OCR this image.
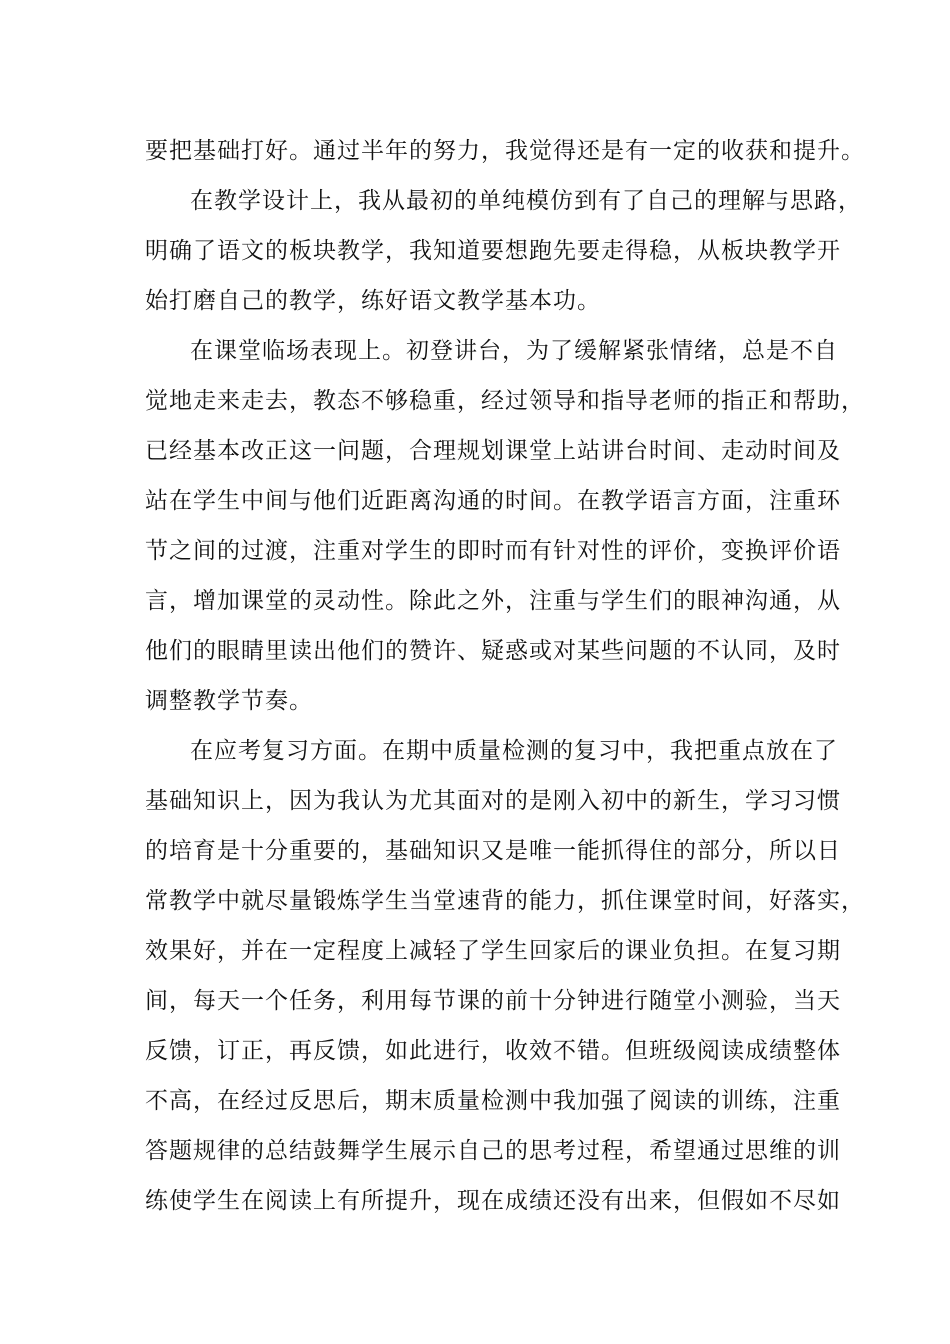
要把基础打好。通过半年的努力，我觉得还是有一定的收获和提升。
在教学设计上，我从最初的单纯模仿到有了自己的理解与思路，
明确了语文的板块教学，我知道要想跑先要走得稳，从板块教学开
始打磨自己的教学，练好语文教学基本功。
在课堂临场表现上。初登讲台，为了缓解紧张情绪，总是不自
觉地走来走去，教态不够稳重，经过领导和指导老师的指正和帮助，
已经基本改正这一问题，合理规划课堂上站讲台时间、走动时间及
站在学生中间与他们近距离沟通的时间。在教学语言方面，注重环
节之间的过渡，注重对学生的即时而有针对性的评价，变换评价语
言，增加课堂的灵动性。除此之外，注重与学生们的眼神沟通，从
他们的眼睛里读出他们的赞许、疑惑或对某些问题的不认同，及时
调整教学节奏。
在应考复习方面。在期中质量检测的复习中，我把重点放在了
基础知识上，因为我认为尤其面对的是刚入初中的新生，学习习惯
的培育是十分重要的，基础知识又是唯一能抓得住的部分，所以日
常教学中就尽量锻炼学生当堂速背的能力，抓住课堂时间，好落实，
效果好，并在一定程度上减轻了学生回家后的课业负担。在复习期
间，每天一个任务，利用每节课的前十分钟进行随堂小测验，当天
反馈，订正，再反馈，如此进行，收效不错。但班级阅读成绩整体
不高，在经过反思后，期末质量检测中我加强了阅读的训练，注重
答题规律的总结鼓舞学生展示自己的思考过程，希望通过思维的训
练使学生在阅读上有所提升，现在成绩还没有出来，但假如不尽如
